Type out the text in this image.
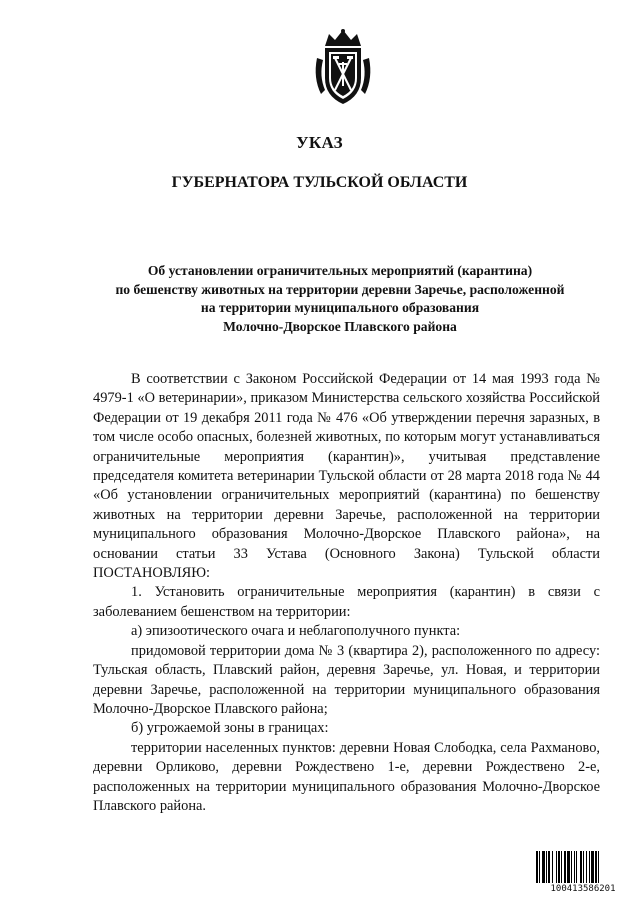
УКАЗ
ГУБЕРНАТОРА ТУЛЬСКОЙ ОБЛАСТИ
Об установлении ограничительных мероприятий (карантина)
по бешенству животных на территории деревни Заречье, расположенной
на территории муниципального образования
Молочно-Дворское Плавского района

В соответствии с Законом Российской Федерации от 14 мая 1993 года № 4979-1 «О ветеринарии», приказом Министерства сельского хозяйства Российской Федерации от 19 декабря 2011 года № 476 «Об утверждении перечня заразных, в том числе особо опасных, болезней животных, по которым могут устанавливаться ограничительные мероприятия (карантин)», учитывая представление председателя комитета ветеринарии Тульской области от 28 марта 2018 года № 44 «Об установлении ограничительных мероприятий (карантина) по бешенству животных на территории деревни Заречье, расположенной на территории муниципального образования Молочно-Дворское Плавского района», на основании статьи 33 Устава (Основного Закона) Тульской области ПОСТАНОВЛЯЮ:

1. Установить ограничительные мероприятия (карантин) в связи с заболеванием бешенством на территории:

а) эпизоотического очага и неблагополучного пункта:

придомовой территории дома № 3 (квартира 2), расположенного по адресу: Тульская область, Плавский район, деревня Заречье, ул. Новая, и территории деревни Заречье, расположенной на территории муниципального образования Молочно-Дворское Плавского района;

б) угрожаемой зоны в границах:

территории населенных пунктов: деревни Новая Слободка, села Рахманово, деревни Орликово, деревни Рождествено 1-е, деревни Рождествено 2-е, расположенных на территории муниципального образования Молочно-Дворское Плавского района.

100413586201
